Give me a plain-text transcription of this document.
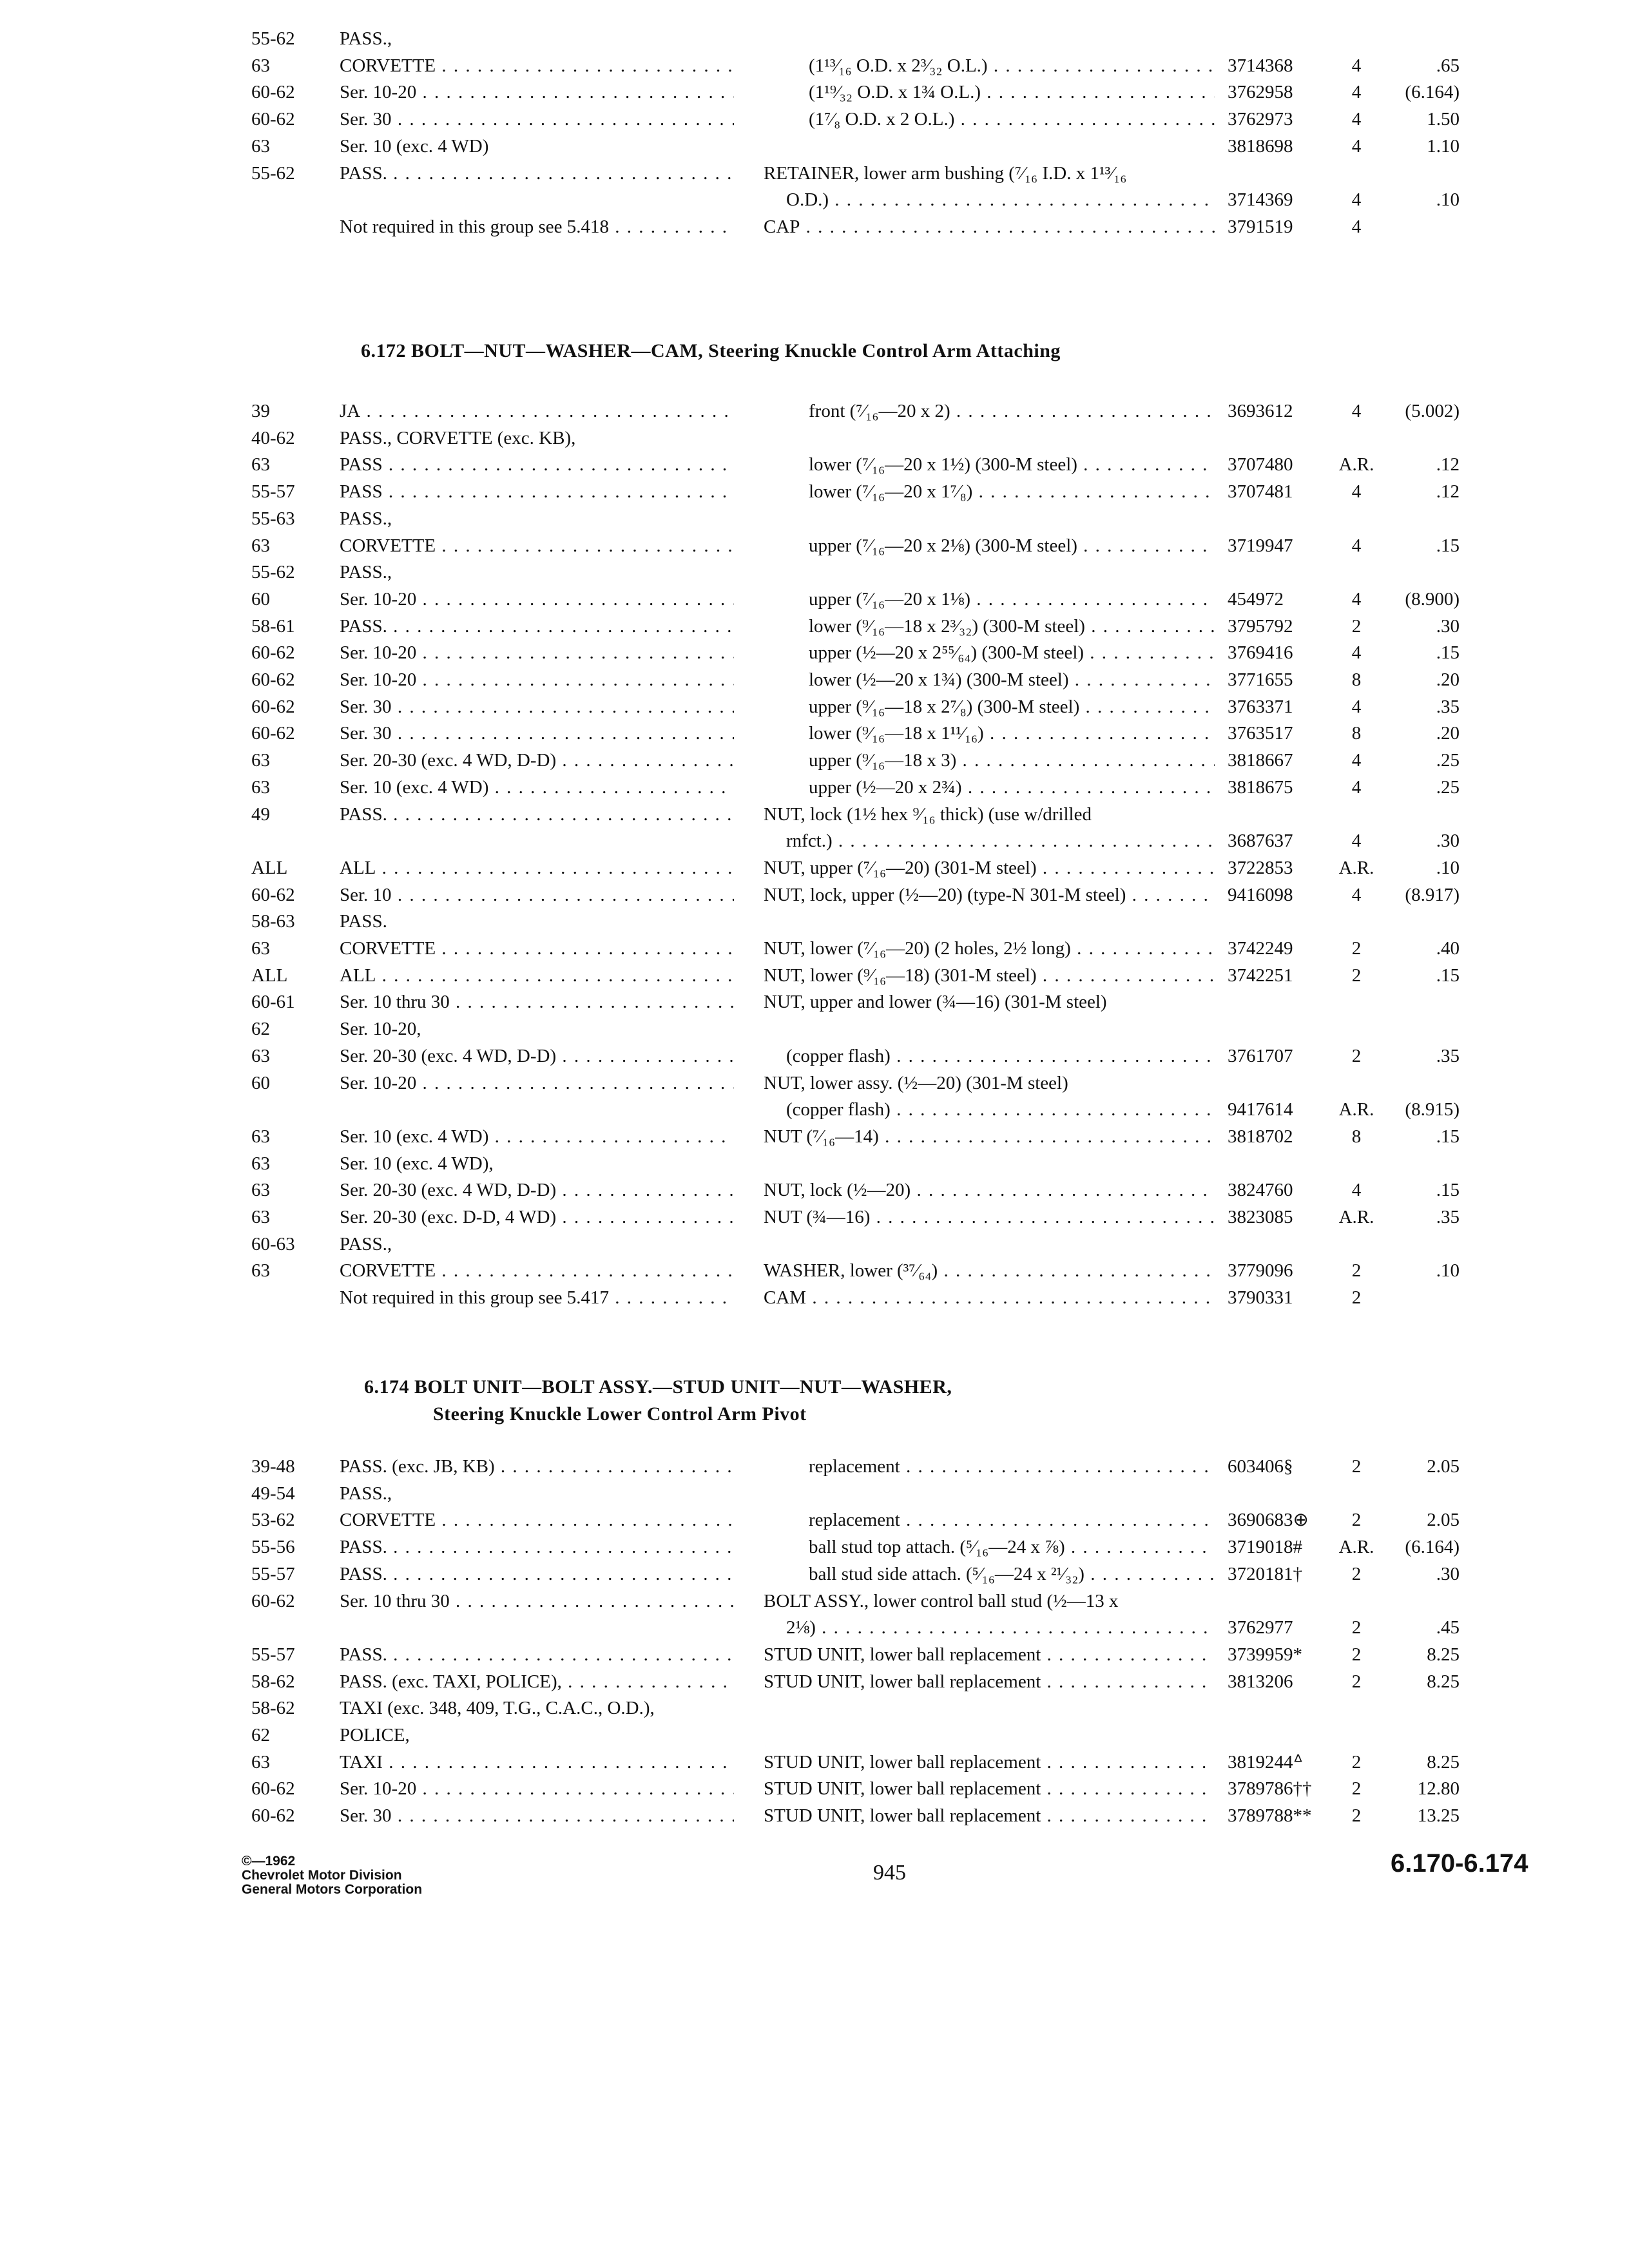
55-62 PASS.,
63	CORVETTE . . .	(1¹³⁄₁₆ O.D. x 2³⁄₃₂ O.L.) . . .	3714368	4	.65
60-62 Ser. 10-20 . . .	(1¹⁹⁄₃₂ O.D. x 1¾ O.L.) . . .	3762958	4	(6.164)
60-62 Ser. 30 . . .	(1⁷⁄₈ O.D. x 2 O.L.) . . .	3762973	4	1.50
63	Ser. 10 (exc. 4 WD)	3818698	4	1.10
55-62 PASS. . . .	RETAINER, lower arm bushing (⁷⁄₁₆ I.D. x 1¹³⁄₁₆
O.D.) . . .	3714369	4	.10
Not required in this group see 5.418 . . .	CAP . . .	3791519	4
6.172 BOLT—NUT—WASHER—CAM, Steering Knuckle Control Arm Attaching
39	JA . . .	front (⁷⁄₁₆—20 x 2) . . .	3693612	4	(5.002)
40-62 PASS., CORVETTE (exc. KB),
63	PASS . . .	lower (⁷⁄₁₆—20 x 1½) (300-M steel) . . .	3707480	A.R.	.12
55-57 PASS . . .	lower (⁷⁄₁₆—20 x 1⁷⁄₈) . . .	3707481	4	.12
55-63 PASS.,
63	CORVETTE . . .	upper (⁷⁄₁₆—20 x 2⅛) (300-M steel) . . .	3719947	4	.15
55-62 PASS.,
60	Ser. 10-20 . . .	upper (⁷⁄₁₆—20 x 1⅛) . . .	454972	4	(8.900)
58-61 PASS. . . .	lower (⁹⁄₁₆—18 x 2³⁄₃₂) (300-M steel) . . .	3795792	2	.30
60-62 Ser. 10-20 . . .	upper (½—20 x 2⁵⁵⁄₆₄) (300-M steel) . . .	3769416	4	.15
60-62 Ser. 10-20 . . .	lower (½—20 x 1¾) (300-M steel) . . .	3771655	8	.20
60-62 Ser. 30 . . .	upper (⁹⁄₁₆—18 x 2⁷⁄₈) (300-M steel) . . .	3763371	4	.35
60-62 Ser. 30 . . .	lower (⁹⁄₁₆—18 x 1¹¹⁄₁₆) . . .	3763517	8	.20
63	Ser. 20-30 (exc. 4 WD, D-D) . . .	upper (⁹⁄₁₆—18 x 3) . . .	3818667	4	.25
63	Ser. 10 (exc. 4 WD) . . .	upper (½—20 x 2¾) . . .	3818675	4	.25
49	PASS. . . .	NUT, lock (1½ hex ⁹⁄₁₆ thick) (use w/drilled
rnfct.) . . .	3687637	4	.30
ALL	ALL . . .	NUT, upper (⁷⁄₁₆—20) (301-M steel) . . .	3722853	A.R.	.10
60-62 Ser. 10 . . .	NUT, lock, upper (½—20) (type-N 301-M steel) . . .	9416098	4	(8.917)
58-63 PASS.
63	CORVETTE . . .	NUT, lower (⁷⁄₁₆—20) (2 holes, 2½ long) . . .	3742249	2	.40
ALL	ALL . . .	NUT, lower (⁹⁄₁₆—18) (301-M steel) . . .	3742251	2	.15
60-61 Ser. 10 thru 30 . . .	NUT, upper and lower (¾—16) (301-M steel)
62	Ser. 10-20,
63	Ser. 20-30 (exc. 4 WD, D-D) . . .	(copper flash) . . .	3761707	2	.35
60	Ser. 10-20 . . .	NUT, lower assy. (½—20) (301-M steel)
(copper flash) . . .	9417614	A.R.	(8.915)
63	Ser. 10 (exc. 4 WD) . . .	NUT (⁷⁄₁₆—14) . . .	3818702	8	.15
63	Ser. 10 (exc. 4 WD),
63	Ser. 20-30 (exc. 4 WD, D-D) . . .	NUT, lock (½—20) . . .	3824760	4	.15
63	Ser. 20-30 (exc. D-D, 4 WD) . . .	NUT (¾—16) . . .	3823085	A.R.	.35
60-63 PASS.,
63	CORVETTE . . .	WASHER, lower (³⁷⁄₆₄) . . .	3779096	2	.10
Not required in this group see 5.417 . . .	CAM . . .	3790331	2
6.174 BOLT UNIT—BOLT ASSY.—STUD UNIT—NUT—WASHER,
Steering Knuckle Lower Control Arm Pivot
39-48 PASS. (exc. JB, KB) . . .	replacement . . .	603406§	2	2.05
49-54 PASS.,
53-62 CORVETTE . . .	replacement . . .	3690683⊕	2	2.05
55-56 PASS. . . .	ball stud top attach. (⁵⁄₁₆—24 x ⅞) . . .	3719018#	A.R.	(6.164)
55-57 PASS. . . .	ball stud side attach. (⁵⁄₁₆—24 x ²¹⁄₃₂) . . .	3720181†	2	.30
60-62 Ser. 10 thru 30 . . .	BOLT ASSY., lower control ball stud (½—13 x
2⅛) . . .	3762977	2	.45
55-57 PASS. . . .	STUD UNIT, lower ball replacement . . .	3739959*	2	8.25
58-62 PASS. (exc. TAXI, POLICE), . . .	STUD UNIT, lower ball replacement . . .	3813206	2	8.25
58-62 TAXI (exc. 348, 409, T.G., C.A.C., O.D.),
62	POLICE,
63	TAXI . . .	STUD UNIT, lower ball replacement . . .	3819244ᐞ	2	8.25
60-62 Ser. 10-20 . . .	STUD UNIT, lower ball replacement . . .	3789786††	2	12.80
60-62 Ser. 30 . . .	STUD UNIT, lower ball replacement . . .	3789788**	2	13.25
©—1962
Chevrolet Motor Division
General Motors Corporation
945	6.170-6.174
